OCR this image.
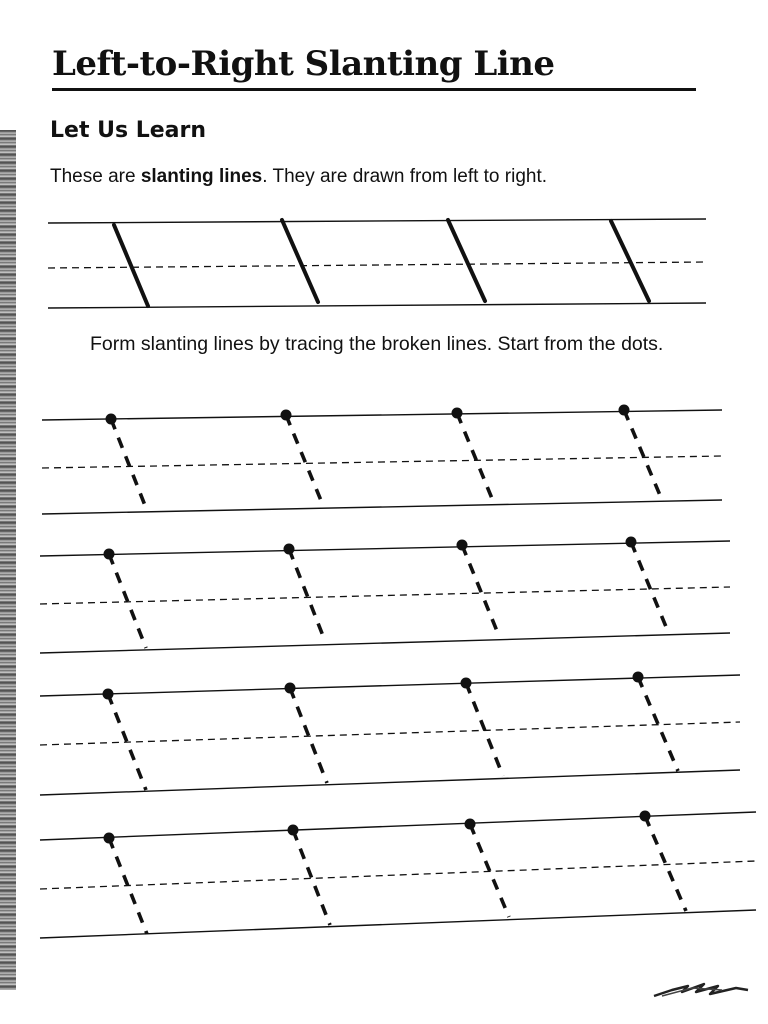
Left-to-Right Slanting Line
Let Us Learn

These are slanting lines. They are drawn from left to right.

Form slanting lines by tracing the broken lines. Start from the dots.
